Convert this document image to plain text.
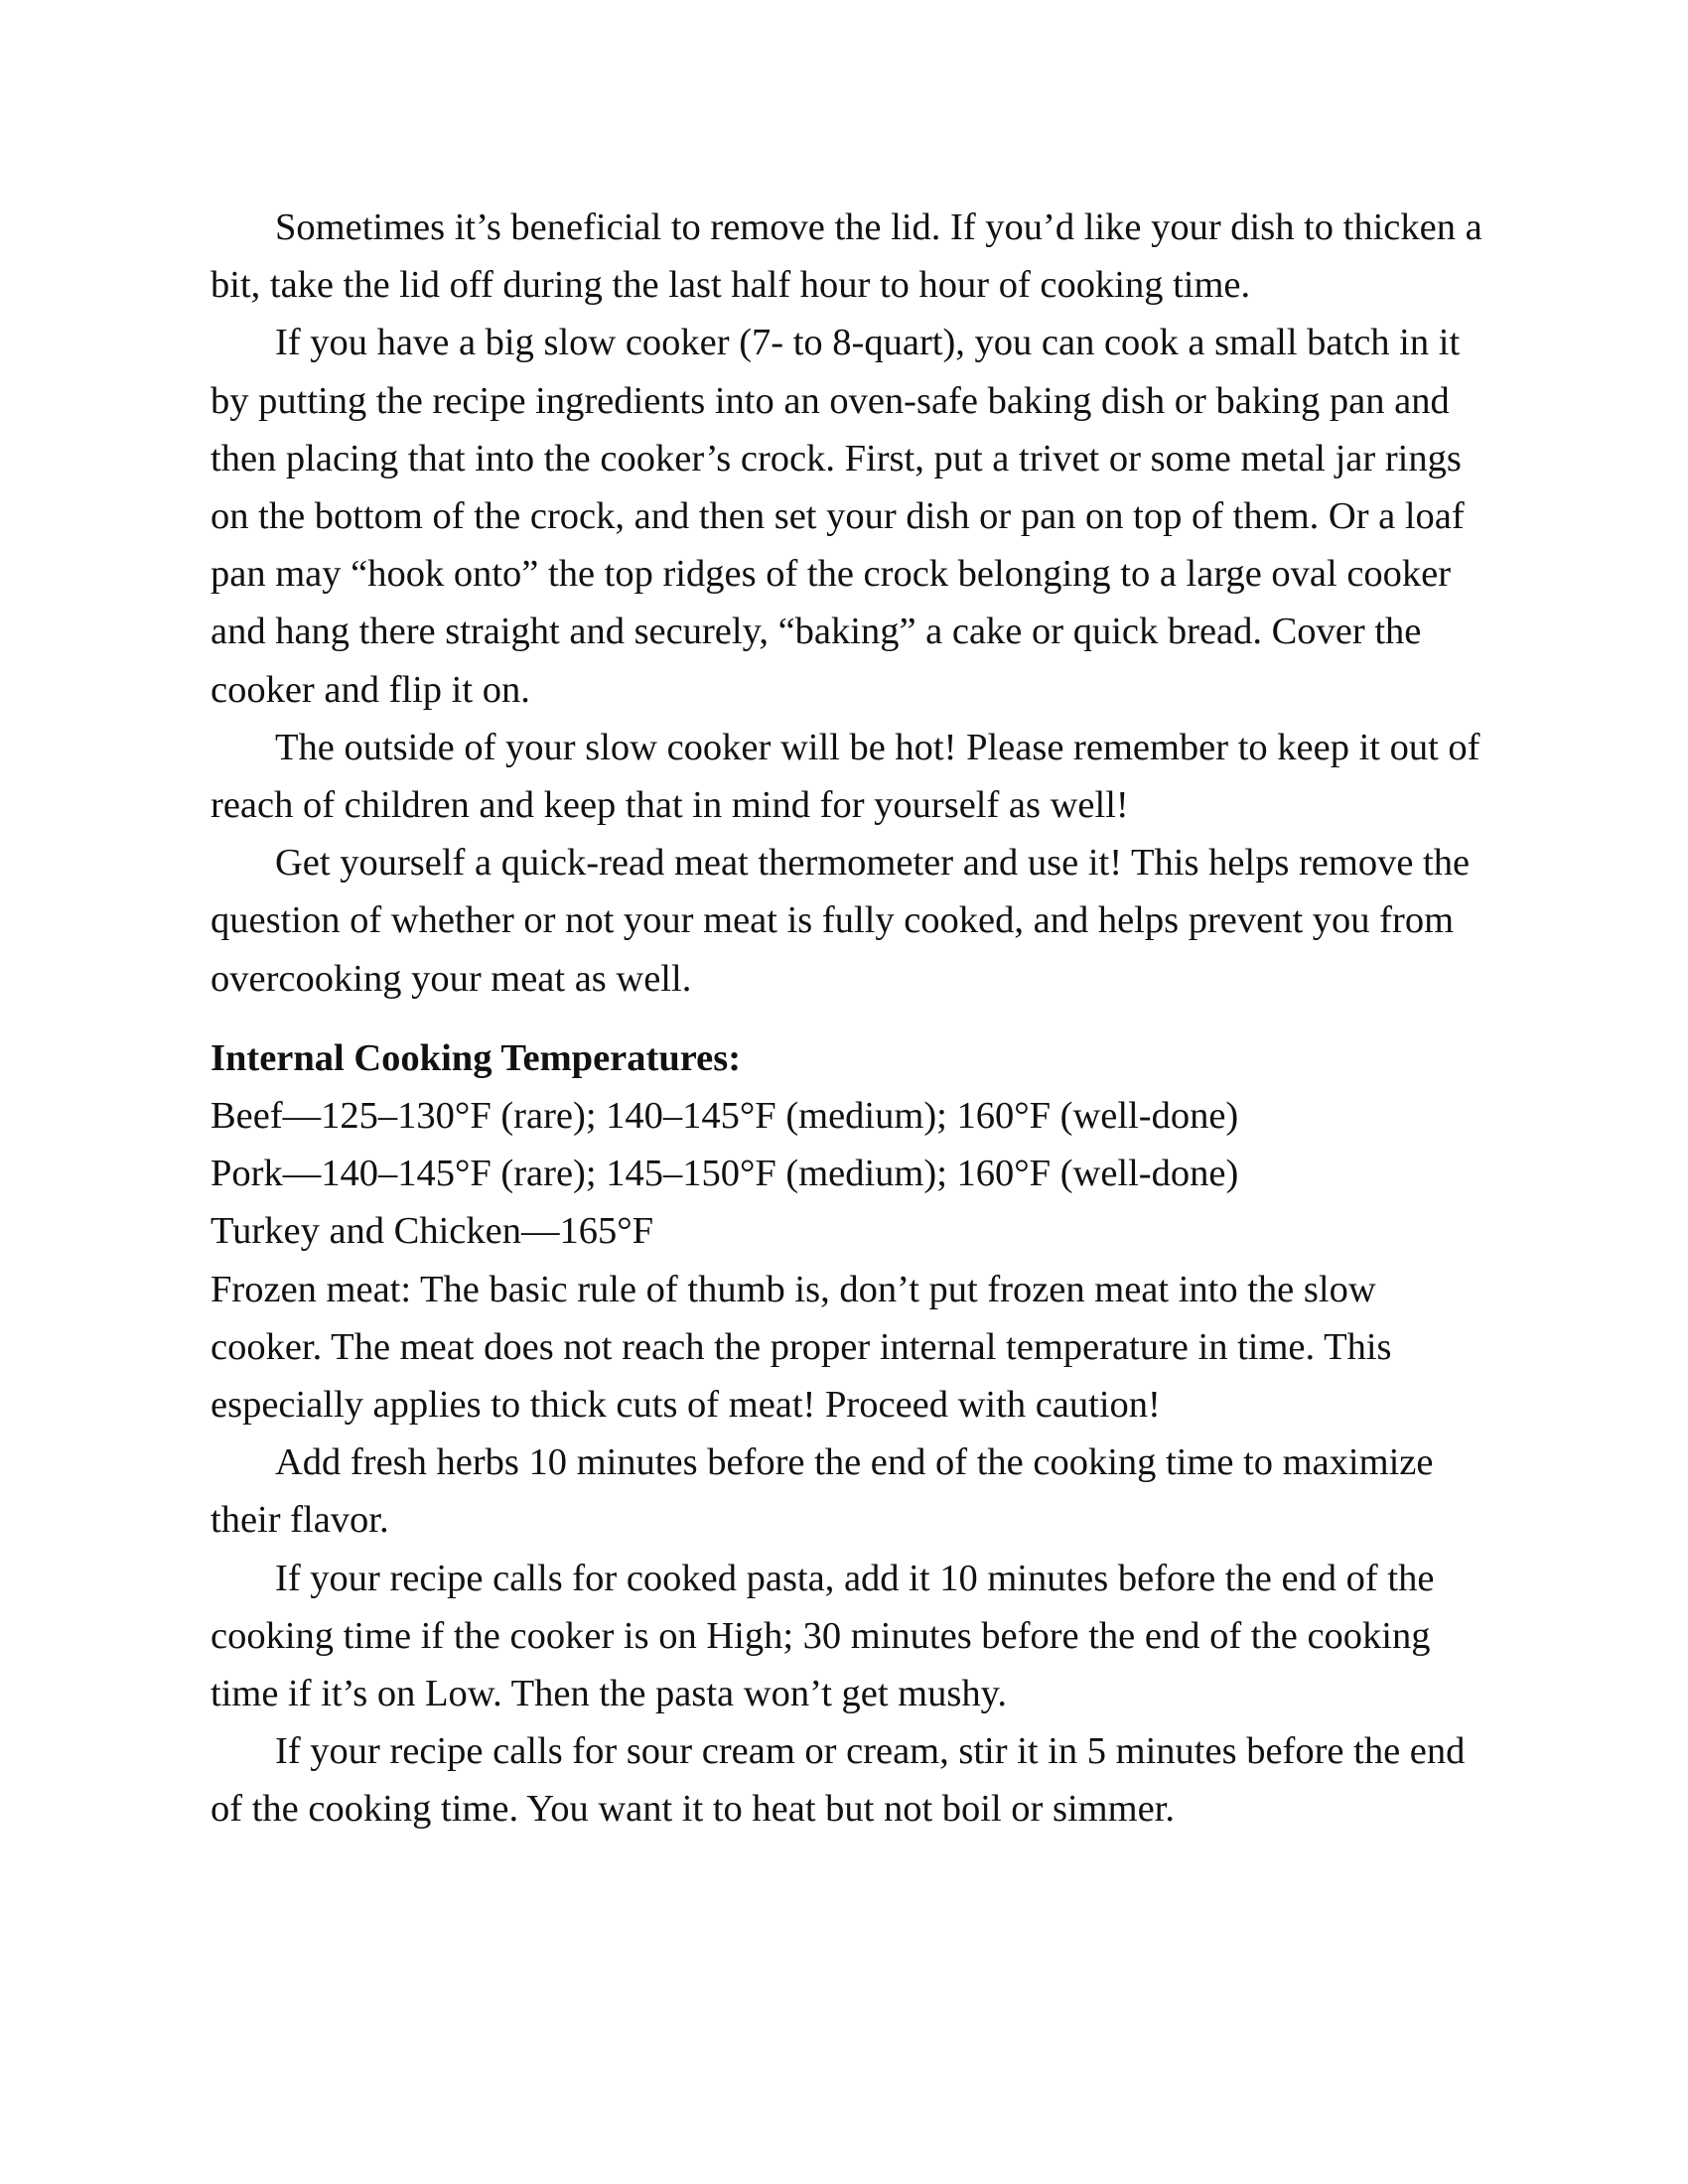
Sometimes it’s beneficial to remove the lid. If you’d like your dish to thicken a bit, take the lid off during the last half hour to hour of cooking time.

If you have a big slow cooker (7- to 8-quart), you can cook a small batch in it by putting the recipe ingredients into an oven-safe baking dish or baking pan and then placing that into the cooker’s crock. First, put a trivet or some metal jar rings on the bottom of the crock, and then set your dish or pan on top of them. Or a loaf pan may “hook onto” the top ridges of the crock belonging to a large oval cooker and hang there straight and securely, “baking” a cake or quick bread. Cover the cooker and flip it on.

The outside of your slow cooker will be hot! Please remember to keep it out of reach of children and keep that in mind for yourself as well!

Get yourself a quick-read meat thermometer and use it! This helps remove the question of whether or not your meat is fully cooked, and helps prevent you from overcooking your meat as well.

Internal Cooking Temperatures:

Beef—125–130°F (rare); 140–145°F (medium); 160°F (well-done)

Pork—140–145°F (rare); 145–150°F (medium); 160°F (well-done)

Turkey and Chicken—165°F

Frozen meat: The basic rule of thumb is, don’t put frozen meat into the slow cooker. The meat does not reach the proper internal temperature in time. This especially applies to thick cuts of meat! Proceed with caution!

Add fresh herbs 10 minutes before the end of the cooking time to maximize their flavor.

If your recipe calls for cooked pasta, add it 10 minutes before the end of the cooking time if the cooker is on High; 30 minutes before the end of the cooking time if it’s on Low. Then the pasta won’t get mushy.

If your recipe calls for sour cream or cream, stir it in 5 minutes before the end of the cooking time. You want it to heat but not boil or simmer.
